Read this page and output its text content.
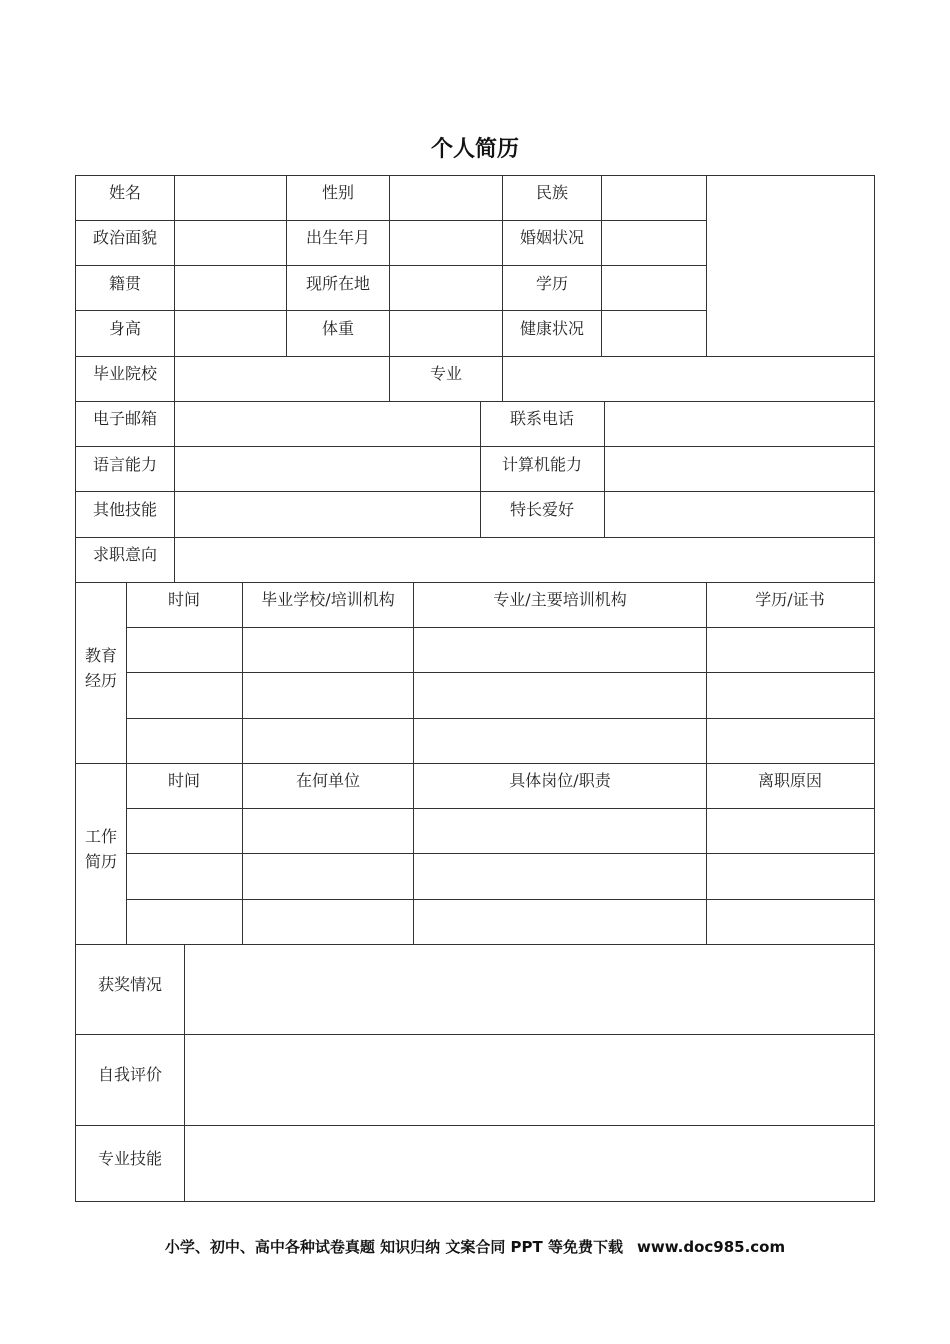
个人简历
姓名	性别	民族
政治面貌	出生年月	婚姻状况
籍贯	现所在地	学历
身高	体重	健康状况
毕业院校	专业
电子邮箱	联系电话
语言能力	计算机能力
其他技能	特长爱好
求职意向
教育经历
时间	毕业学校/培训机构	专业/主要培训机构	学历/证书
工作简历
时间	在何单位	具体岗位/职责	离职原因
获奖情况
自我评价
专业技能
小学、初中、高中各种试卷真题 知识归纳 文案合同 PPT 等免费下载 www.doc985.com
